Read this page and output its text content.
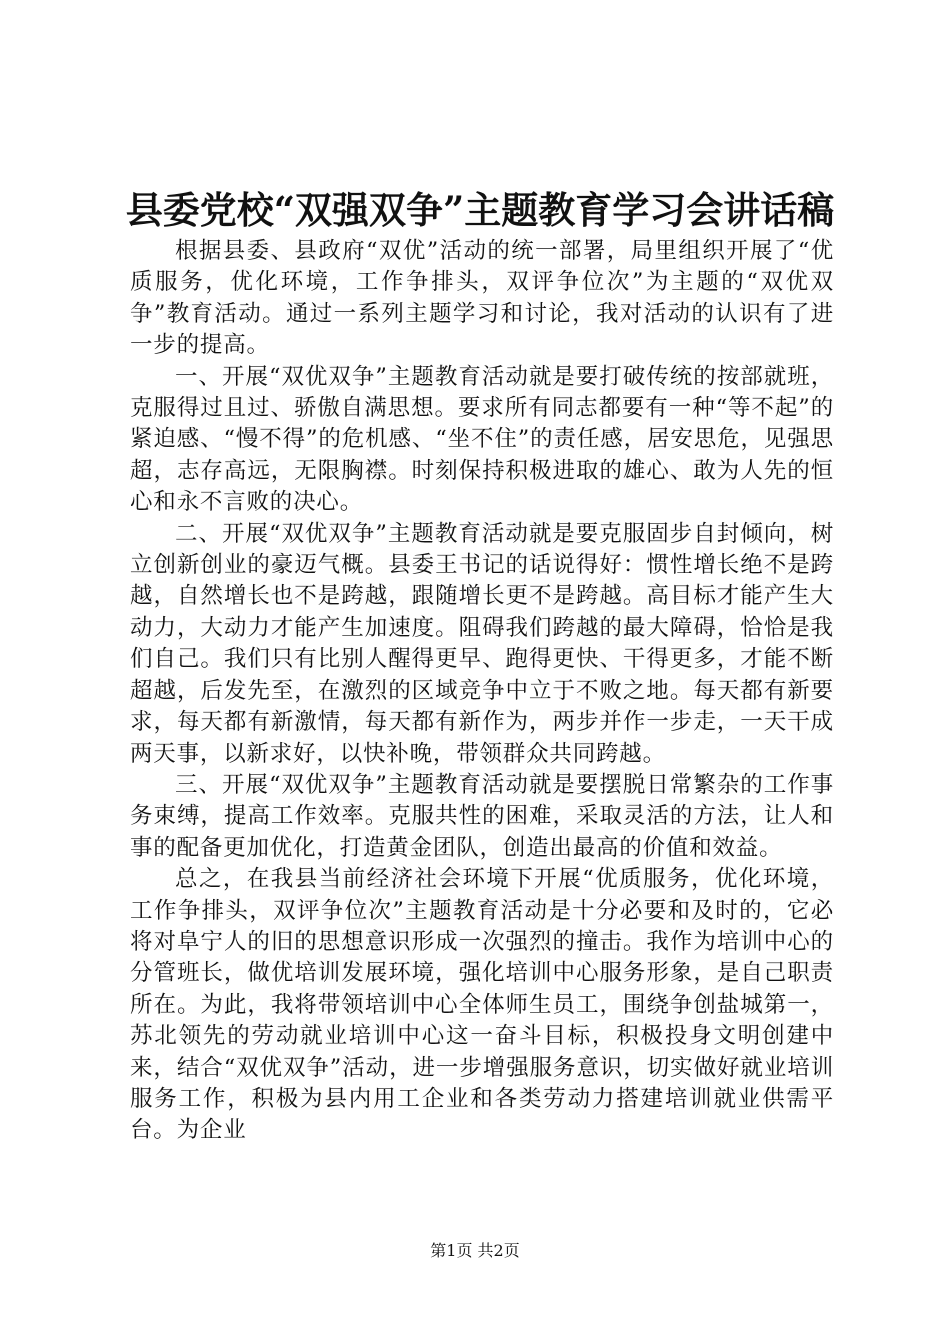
县委党校“双强双争”主题教育学习会讲话稿

根据县委、县政府“双优”活动的统一部署，局里组织开展了“优质服务，优化环境，工作争排头，双评争位次”为主题的“双优双争”教育活动。通过一系列主题学习和讨论，我对活动的认识有了进一步的提高。

一、开展“双优双争”主题教育活动就是要打破传统的按部就班，克服得过且过、骄傲自满思想。要求所有同志都要有一种“等不起”的紧迫感、“慢不得”的危机感、“坐不住”的责任感，居安思危，见强思超，志存高远，无限胸襟。时刻保持积极进取的雄心、敢为人先的恒心和永不言败的决心。

二、开展“双优双争”主题教育活动就是要克服固步自封倾向，树立创新创业的豪迈气概。县委王书记的话说得好：惯性增长绝不是跨越，自然增长也不是跨越，跟随增长更不是跨越。高目标才能产生大动力，大动力才能产生加速度。阻碍我们跨越的最大障碍，恰恰是我们自己。我们只有比别人醒得更早、跑得更快、干得更多，才能不断超越，后发先至，在激烈的区域竞争中立于不败之地。每天都有新要求，每天都有新激情，每天都有新作为，两步并作一步走，一天干成两天事，以新求好，以快补晚，带领群众共同跨越。

三、开展“双优双争”主题教育活动就是要摆脱日常繁杂的工作事务束缚，提高工作效率。克服共性的困难，采取灵活的方法，让人和事的配备更加优化，打造黄金团队，创造出最高的价值和效益。

总之，在我县当前经济社会环境下开展“优质服务，优化环境，工作争排头，双评争位次”主题教育活动是十分必要和及时的，它必将对阜宁人的旧的思想意识形成一次强烈的撞击。我作为培训中心的分管班长，做优培训发展环境，强化培训中心服务形象，是自己职责所在。为此，我将带领培训中心全体师生员工，围绕争创盐城第一，苏北领先的劳动就业培训中心这一奋斗目标，积极投身文明创建中来，结合“双优双争”活动，进一步增强服务意识，切实做好就业培训服务工作，积极为县内用工企业和各类劳动力搭建培训就业供需平台。为企业

第1页 共2页
